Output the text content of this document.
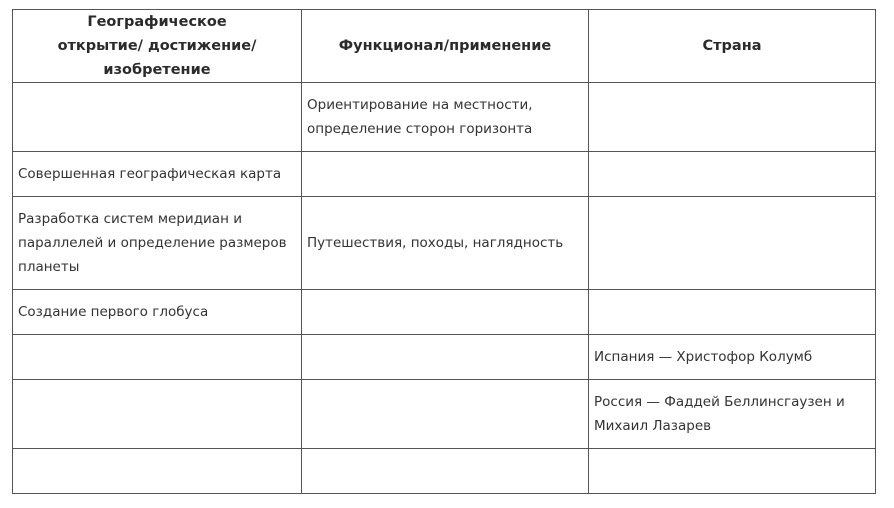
Географическое открытие/ достижение/изобретение	Функционал/применение	Страна
	Ориентирование на местности, определение сторон горизонта	
Совершенная географическая карта		
Разработка систем меридиан и параллелей и определение размеров планеты	Путешествия, походы, наглядность	
Создание первого глобуса		
		Испания — Христофор Колумб
		Россия — Фаддей Беллинсгаузен и Михаил Лазарев
